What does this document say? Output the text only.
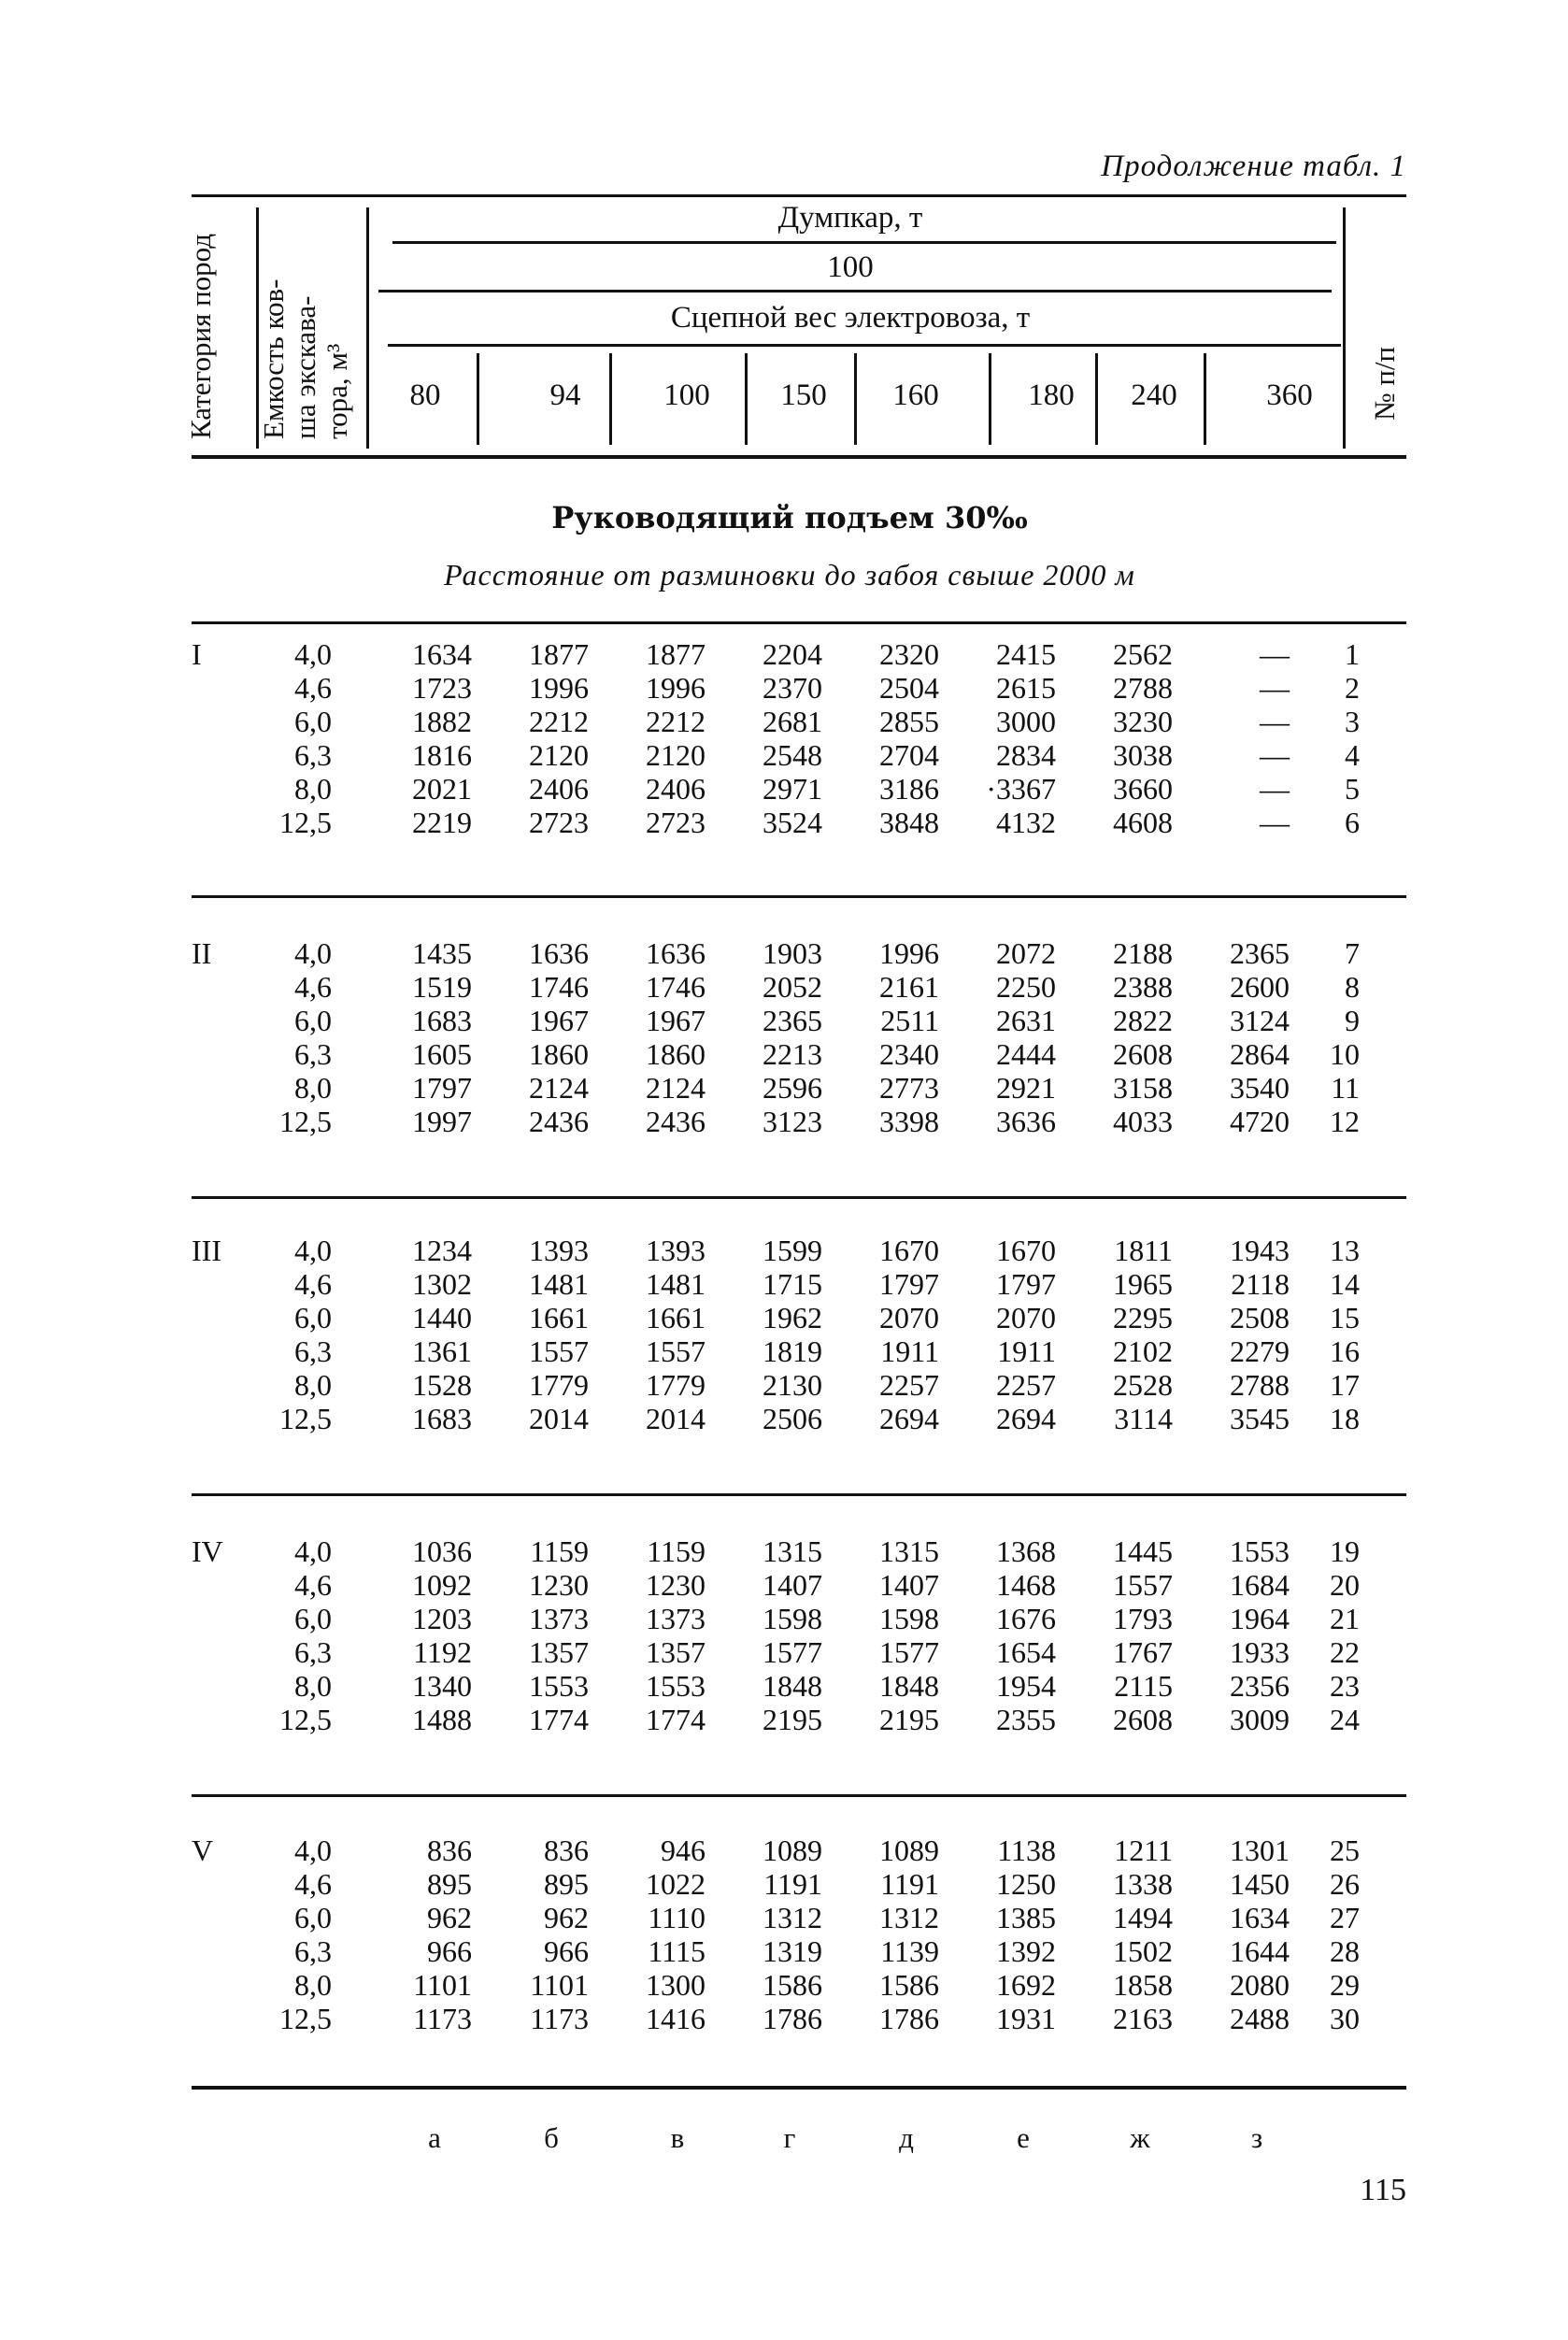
Продолжение табл. 1
Категория пород Емкость ков- ша экскава- тора, м³
Думпкар, т
100
Сцепной вес электровоза, т
80	94	100	150	160	180	240	360	№ п/п
Руководящий подъем 30‰
Расстояние от разминовки до забоя свыше 2000 м
I	4,0	1634	1877	1877	2204	2320	2415	2562	—	1
4,6	1723	1996	1996	2370	2504	2615	2788	—	2
6,0	1882	2212	2212	2681	2855	3000	3230	—	3
6,3	1816	2120	2120	2548	2704	2834	3038	—	4
8,0	2021	2406	2406	2971	3186	·3367	3660	—	5
12,5	2219	2723	2723	3524	3848	4132	4608	—	6
II	4,0	1435	1636	1636	1903	1996	2072	2188	2365	7
4,6	1519	1746	1746	2052	2161	2250	2388	2600	8
6,0	1683	1967	1967	2365	2511	2631	2822	3124	9
6,3	1605	1860	1860	2213	2340	2444	2608	2864	10
8,0	1797	2124	2124	2596	2773	2921	3158	3540	11
12,5	1997	2436	2436	3123	3398	3636	4033	4720	12
III	4,0	1234	1393	1393	1599	1670	1670	1811	1943	13
4,6	1302	1481	1481	1715	1797	1797	1965	2118	14
6,0	1440	1661	1661	1962	2070	2070	2295	2508	15
6,3	1361	1557	1557	1819	1911	1911	2102	2279	16
8,0	1528	1779	1779	2130	2257	2257	2528	2788	17
12,5	1683	2014	2014	2506	2694	2694	3114	3545	18
IV	4,0	1036	1159	1159	1315	1315	1368	1445	1553	19
4,6	1092	1230	1230	1407	1407	1468	1557	1684	20
6,0	1203	1373	1373	1598	1598	1676	1793	1964	21
6,3	1192	1357	1357	1577	1577	1654	1767	1933	22
8,0	1340	1553	1553	1848	1848	1954	2115	2356	23
12,5	1488	1774	1774	2195	2195	2355	2608	3009	24
V	4,0	836	836	946	1089	1089	1138	1211	1301	25
4,6	895	895	1022	1191	1191	1250	1338	1450	26
6,0	962	962	1110	1312	1312	1385	1494	1634	27
6,3	966	966	1115	1319	1139	1392	1502	1644	28
8,0	1101	1101	1300	1586	1586	1692	1858	2080	29
12,5	1173	1173	1416	1786	1786	1931	2163	2488	30
а	б	в	г	д	е	ж	з
115
